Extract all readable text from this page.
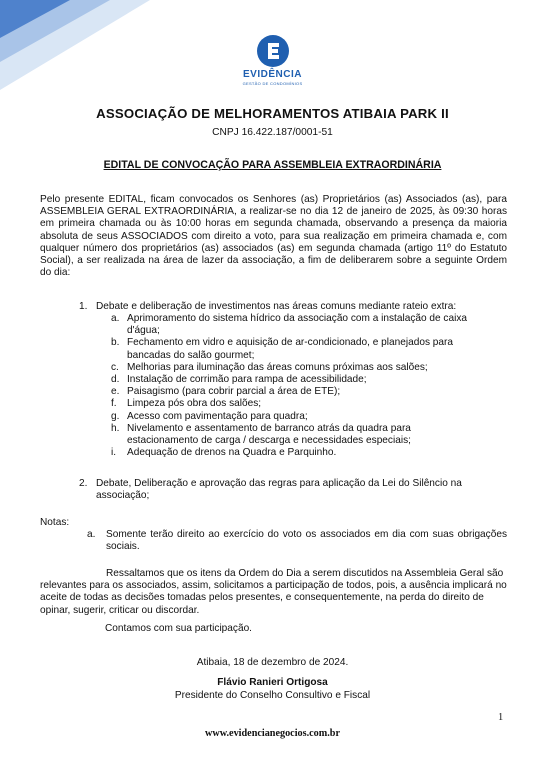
EVIDÊNCIA
GESTÃO DE CONDOMÍNIOS
ASSOCIAÇÃO DE MELHORAMENTOS ATIBAIA PARK II
CNPJ 16.422.187/0001-51
EDITAL DE CONVOCAÇÃO PARA ASSEMBLEIA EXTRAORDINÁRIA
Pelo presente EDITAL, ficam convocados os Senhores (as) Proprietários (as) Associados (as), para ASSEMBLEIA GERAL EXTRAORDINÁRIA, a realizar-se no dia 12 de janeiro de 2025, às 09:30 horas em primeira chamada ou às 10:00 horas em segunda chamada, observando a presença da maioria absoluta de seus ASSOCIADOS com direito a voto, para sua realização em primeira chamada e, com qualquer número dos proprietários (as) associados (as) em segunda chamada (artigo 11º do Estatuto Social), a ser realizada na área de lazer da associação, a fim de deliberarem sobre a seguinte Ordem do dia:
1. Debate e deliberação de investimentos nas áreas comuns mediante rateio extra:
a. Aprimoramento do sistema hídrico da associação com a instalação de caixa
d'água;
b. Fechamento em vidro e aquisição de ar-condicionado, e planejados para
bancadas do salão gourmet;
c. Melhorias para iluminação das áreas comuns próximas aos salões;
d. Instalação de corrimão para rampa de acessibilidade;
e. Paisagismo (para cobrir parcial a área de ETE);
f. Limpeza pós obra dos salões;
g. Acesso com pavimentação para quadra;
h. Nivelamento e assentamento de barranco atrás da quadra para
estacionamento de carga / descarga e necessidades especiais;
i. Adequação de drenos na Quadra e Parquinho.
2. Debate, Deliberação e aprovação das regras para aplicação da Lei do Silêncio na
associação;
Notas:
a. Somente terão direito ao exercício do voto os associados em dia com suas obrigações sociais.
Ressaltamos que os itens da Ordem do Dia a serem discutidos na Assembleia Geral são relevantes para os associados, assim, solicitamos a participação de todos, pois, a ausência implicará no aceite de todas as decisões tomadas pelos presentes, e consequentemente, na perda do direito de opinar, sugerir, criticar ou discordar.
Contamos com sua participação.
Atibaia, 18 de dezembro de 2024.
Flávio Ranieri Ortigosa
Presidente do Conselho Consultivo e Fiscal
1
www.evidencianegocios.com.br
